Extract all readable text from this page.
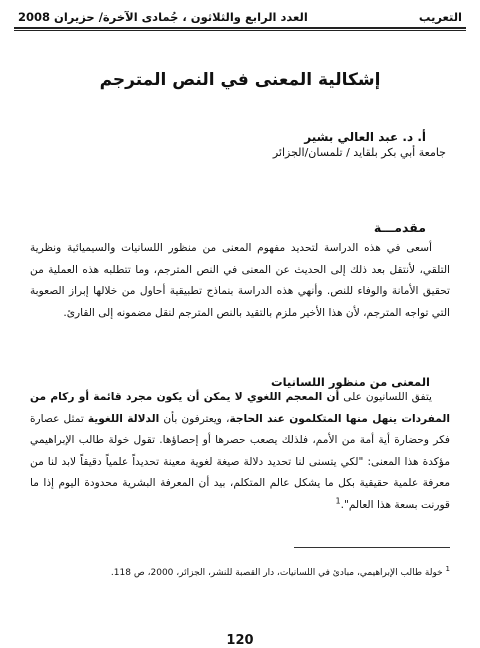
التعريب
العدد الرابع والثلاثون ، جُمادى الآخرة/ حزيران 2008
إشكالية المعنى في النص المترجم
أ. د. عبد العالي بشير
جامعة أبي بكر بلقايد / تلمسان/الجزائر
مقدمـــة

أسعى في هذه الدراسة لتحديد مفهوم المعنى من منظور اللسانيات والسيميائية ونظرية التلقي، لأنتقل بعد ذلك إلى الحديث عن المعنى في النص المترجم، وما تتطلبه هذه العملية من تحقيق الأمانة والوفاء للنص. وأنهي هذه الدراسة بنماذج تطبيقية أحاول من خلالها إبراز الصعوبة التي تواجه المترجم، لأن هذا الأخير ملزم بالتقيد بالنص المترجم لنقل مضمونه إلى القارئ.

المعنى من منظور اللسانيات

يتفق اللسانيون على أن المعجم اللغوي لا يمكن أن يكون مجرد قائمة أو ركام من المفردات ينهل منها المتكلمون عند الحاجة، ويعترفون بأن الدلالة اللغوية تمثل عصارة فكر وحضارة أية أمة من الأمم، فلذلك يصعب حصرها أو إحصاؤها. تقول خولة طالب الإبراهيمي مؤكدة هذا المعنى: "لكي يتسنى لنا تحديد دلالة صيغة لغوية معينة تحديداً علمياً دقيقاً لابد لنا من معرفة علمية حقيقية بكل ما يشكل عالم المتكلم، بيد أن المعرفة البشرية محدودة اليوم إذا ما قورنت بسعة هذا العالم".$^1$

$^1$ خولة طالب الإبراهيمي، مبادئ في اللسانيات، دار القصبة للنشر، الجزائر، 2000، ص 118.
120
